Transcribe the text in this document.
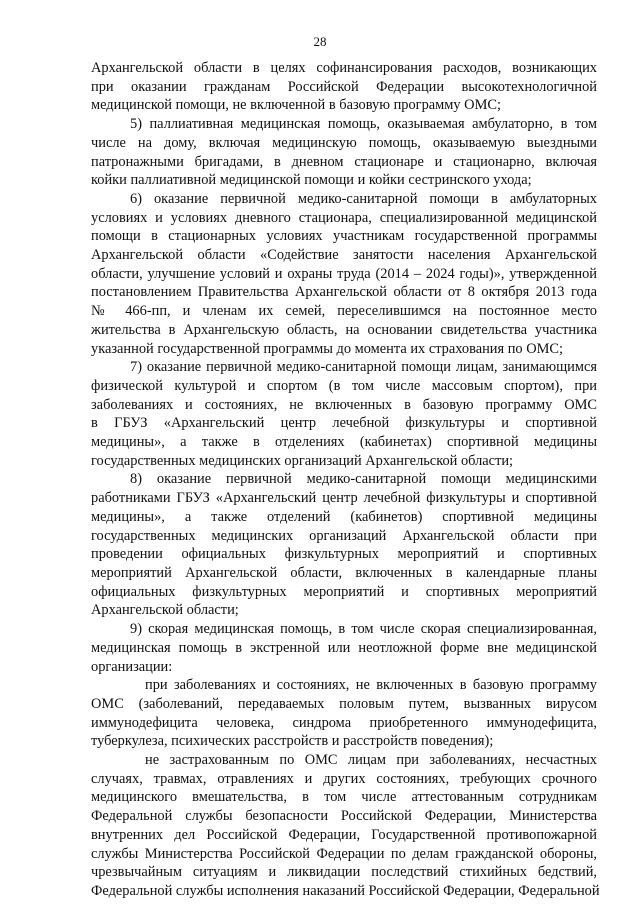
28
Архангельской области в целях софинансирования расходов, возникающих
при оказании гражданам Российской Федерации высокотехнологичной
медицинской помощи, не включенной в базовую программу ОМС;
5) паллиативная медицинская помощь, оказываемая амбулаторно, в том
числе на дому, включая медицинскую помощь, оказываемую выездными
патронажными бригадами, в дневном стационаре и стационарно, включая
койки паллиативной медицинской помощи и койки сестринского ухода;
6) оказание первичной медико-санитарной помощи в амбулаторных
условиях и условиях дневного стационара, специализированной медицинской
помощи в стационарных условиях участникам государственной программы
Архангельской области «Содействие занятости населения Архангельской
области, улучшение условий и охраны труда (2014 – 2024 годы)», утвержденной
постановлением Правительства Архангельской области от 8 октября 2013 года
№ 466-пп, и членам их семей, переселившимся на постоянное место
жительства в Архангельскую область, на основании свидетельства участника
указанной государственной программы до момента их страхования по ОМС;
7) оказание первичной медико-санитарной помощи лицам, занимающимся
физической культурой и спортом (в том числе массовым спортом), при
заболеваниях и состояниях, не включенных в базовую программу ОМС
в ГБУЗ «Архангельский центр лечебной физкультуры и спортивной
медицины», а также в отделениях (кабинетах) спортивной медицины
государственных медицинских организаций Архангельской области;
8) оказание первичной медико-санитарной помощи медицинскими
работниками ГБУЗ «Архангельский центр лечебной физкультуры и спортивной
медицины», а также отделений (кабинетов) спортивной медицины
государственных медицинских организаций Архангельской области при
проведении официальных физкультурных мероприятий и спортивных
мероприятий Архангельской области, включенных в календарные планы
официальных физкультурных мероприятий и спортивных мероприятий
Архангельской области;
9) скорая медицинская помощь, в том числе скорая специализированная,
медицинская помощь в экстренной или неотложной форме вне медицинской
организации:
при заболеваниях и состояниях, не включенных в базовую программу
ОМС (заболеваний, передаваемых половым путем, вызванных вирусом
иммунодефицита человека, синдрома приобретенного иммунодефицита,
туберкулеза, психических расстройств и расстройств поведения);
не застрахованным по ОМС лицам при заболеваниях, несчастных
случаях, травмах, отравлениях и других состояниях, требующих срочного
медицинского вмешательства, в том числе аттестованным сотрудникам
Федеральной службы безопасности Российской Федерации, Министерства
внутренних дел Российской Федерации, Государственной противопожарной
службы Министерства Российской Федерации по делам гражданской обороны,
чрезвычайным ситуациям и ликвидации последствий стихийных бедствий,
Федеральной службы исполнения наказаний Российской Федерации, Федеральной
